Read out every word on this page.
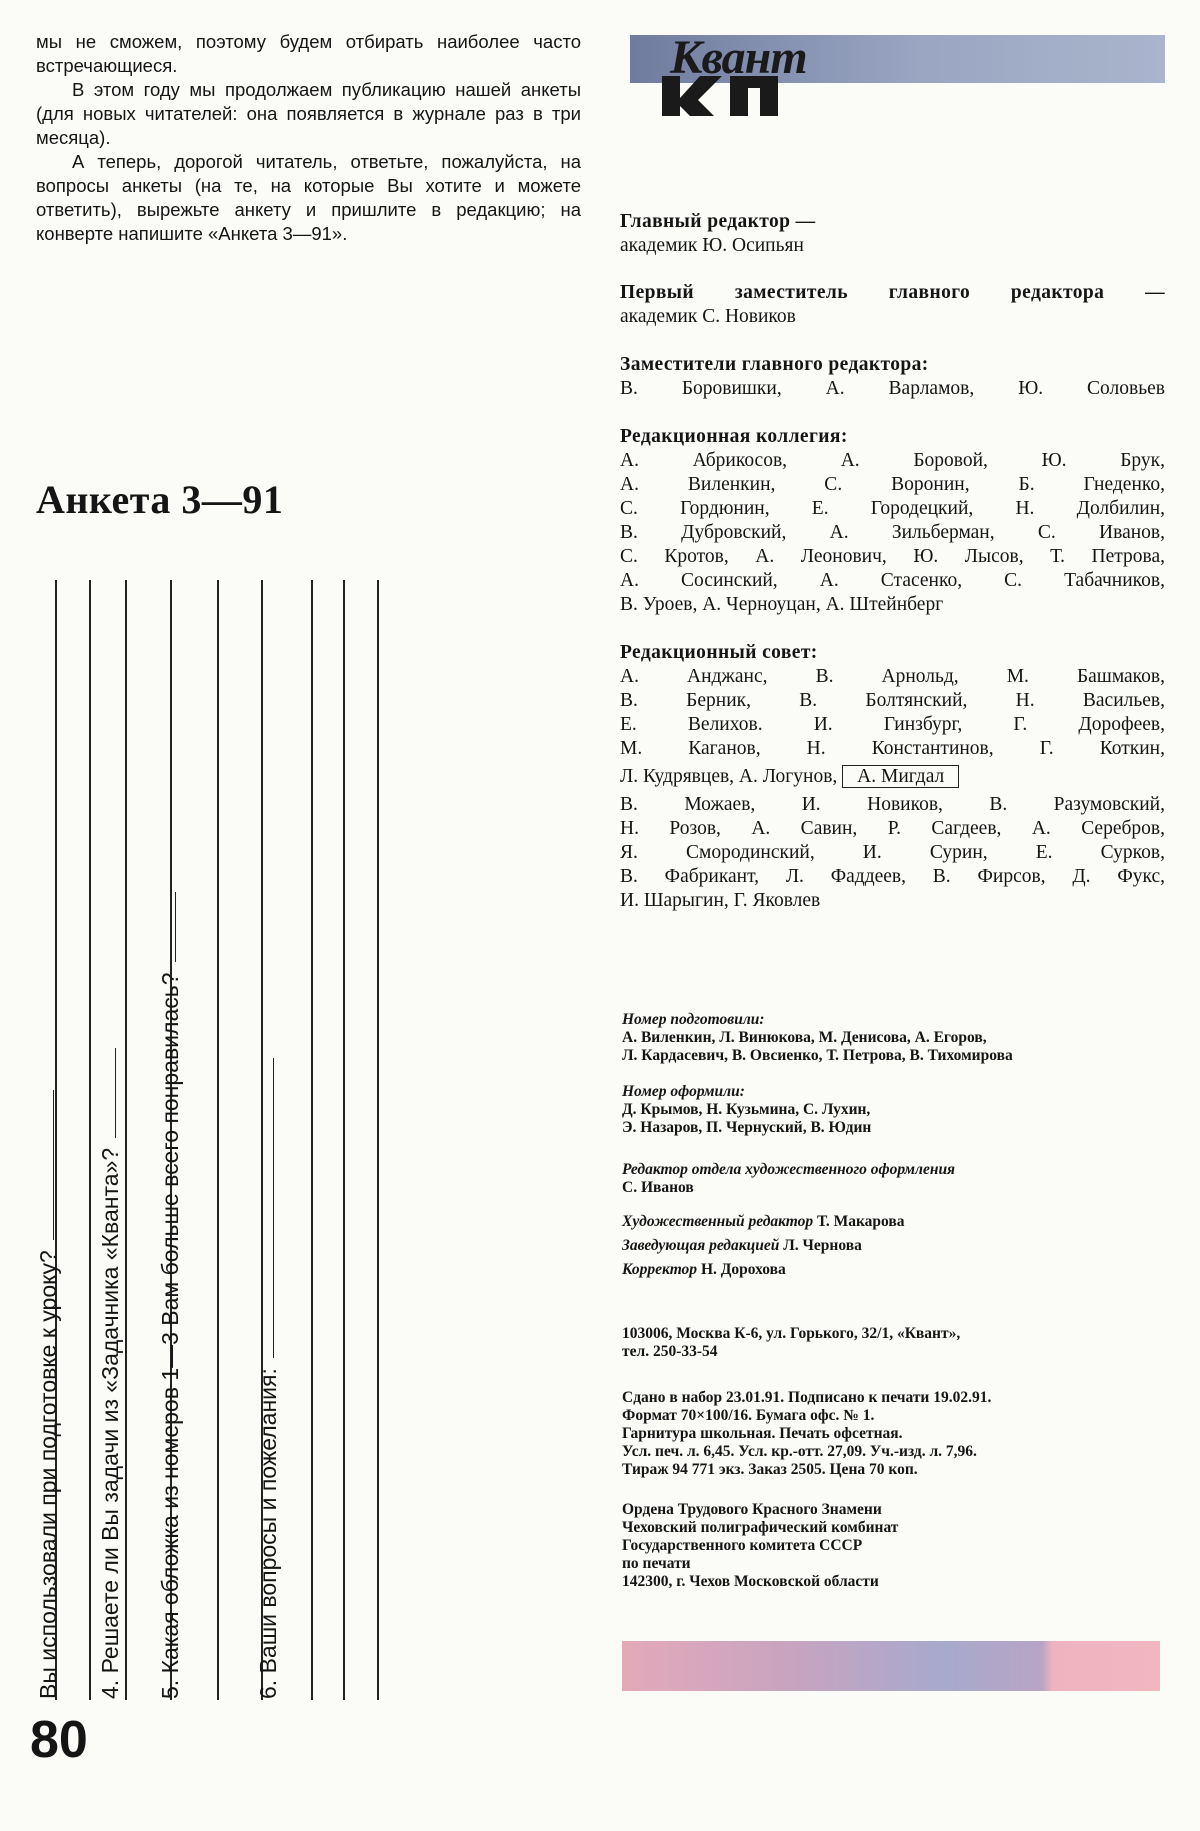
мы не сможем, поэтому будем отбирать наиболее часто встречающиеся.

В этом году мы продолжаем публикацию нашей анкеты (для новых читателей: она появляется в журнале раз в три месяца).

А теперь, дорогой читатель, ответьте, пожалуйста, на вопросы анкеты (на те, на которые Вы хотите и можете ответить), вырежьте анкету и пришлите в редакцию; на конверте напишите «Анкета 3—91».

Анкета 3—91
Вы использовали при подготовке к уроку? 4. Решаете ли Вы задачи из «Задачника «Кванта»? 5. Какая обложка из номеров 1—3 Вам больше всего понравилась?	6. Ваши вопросы и пожелания:
80
Квант
Главный редактор —
академик Ю. Осипьян
Первый заместитель главного редактора —
академик С. Новиков
Заместители главного редактора:
В. Боровишки, А. Варламов, Ю. Соловьев
Редакционная коллегия:
А. Абрикосов, А. Боровой, Ю. Брук,
А. Виленкин, С. Воронин, Б. Гнеденко,
С. Гордюнин, Е. Городецкий, Н. Долбилин,
В. Дубровский, А. Зильберман, С. Иванов,
С. Кротов, А. Леонович, Ю. Лысов, Т. Петрова,
А. Сосинский, А. Стасенко, С. Табачников,
В. Уроев, А. Черноуцан, А. Штейнберг
Редакционный совет:
А. Анджанс, В. Арнольд, М. Башмаков,
В. Берник, В. Болтянский, Н. Васильев,
Е. Велихов. И. Гинзбург, Г. Дорофеев,
М. Каганов, Н. Константинов, Г. Коткин,
Л. Кудрявцев, А. Логунов, А. Мигдал
В. Можаев, И. Новиков, В. Разумовский,
Н. Розов, А. Савин, Р. Сагдеев, А. Серебров,
Я. Смородинский, И. Сурин, Е. Сурков,
В. Фабрикант, Л. Фаддеев, В. Фирсов, Д. Фукс,
И. Шарыгин, Г. Яковлев
Номер подготовили:
А. Виленкин, Л. Винюкова, М. Денисова, А. Егоров,
Л. Кардасевич, В. Овсиенко, Т. Петрова, В. Тихомирова
Номер оформили:
Д. Крымов, Н. Кузьмина, С. Лухин,
Э. Назаров, П. Чернуский, В. Юдин
Редактор отдела художественного оформления
С. Иванов
Художественный редактор Т. Макарова
Заведующая редакцией Л. Чернова
Корректор Н. Дорохова
103006, Москва К-6, ул. Горького, 32/1, «Квант»,
тел. 250-33-54
Сдано в набор 23.01.91. Подписано к печати 19.02.91.
Формат 70×100/16. Бумага офс. № 1.
Гарнитура школьная. Печать офсетная.
Усл. печ. л. 6,45. Усл. кр.-отт. 27,09. Уч.-изд. л. 7,96.
Тираж 94 771 экз. Заказ 2505. Цена 70 коп.
Ордена Трудового Красного Знамени
Чеховский полиграфический комбинат
Государственного комитета СССР
по печати
142300, г. Чехов Московской области
